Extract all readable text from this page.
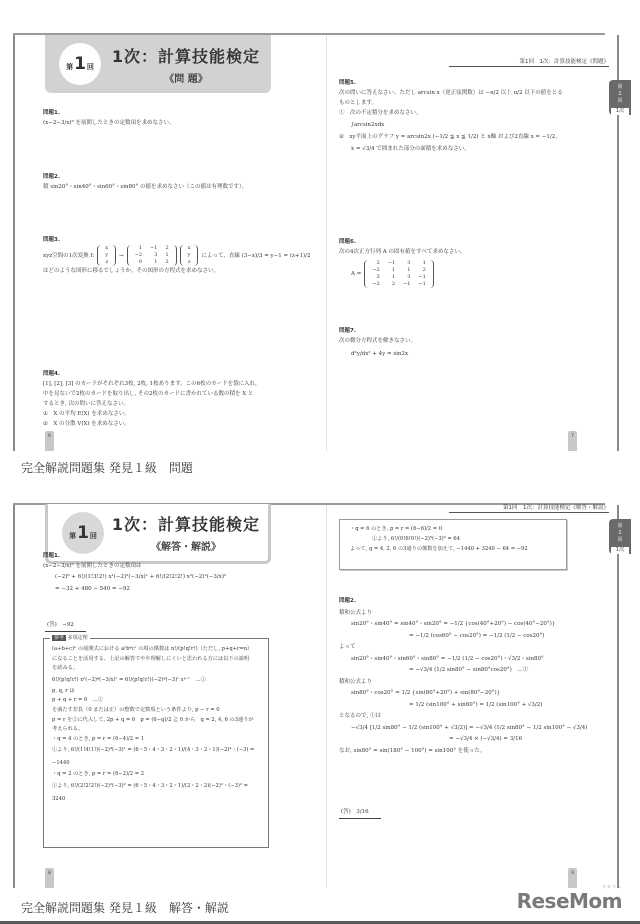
第 1 回
1次：計算技能検定
《問 題》
問題1.
(x−2−3/x)⁶ を展開したときの定数項を求めなさい。
問題2.
積 sin20°・sin40°・sin60°・sin80° の値を求めなさい（この値は有理数です）。
問題3.
xyz空間の1次変換 f:
x
y
z
→
1	−1	2
−2	3	1
0	1	2
x
y
z
によって、直線 (3−x)/3 = y−1 = (z+1)/2
はどのような図形に移るでしょうか。その図形の方程式を求めなさい。
問題4.
[1], [2], [3] のカードがそれぞれ3枚, 2枚, 1枚あります。この6枚のカードを袋に入れ,
中を見ないで2枚のカードを取り出し, その2枚のカードに書かれている数の積を X と
するとき, 次の問いに答えなさい。
①　X の平均 E(X) を求めなさい。
②　X の分散 V(X) を求めなさい。
6
第1回　1次：計算技能検定《問題》
第
1
回
1次
問題5.
次の問いに答えなさい。ただし arcsin x（逆正弦関数）は −π/2 以上 π/2 以下の値をとる
ものとします。
①　次の不定積分を求めなさい。
∫arcsin2xdx
②　xy平面上のグラフ y = arcsin2x (−1/2 ≦ x ≦ 1/2) と x軸 および2直線 x = −1/2,
x = √3/4 で囲まれた部分の面積を求めなさい。
問題6.
次の4次正方行列 A の固有値をすべて求めなさい。
A =
2	−1	3	1
−2	1	1	2
3	1	3	−1
−2	2	−1	−1
問題7.
次の微分方程式を解きなさい。
d²y/dx² + 4y = sin2x
7
完全解説問題集 発見１級　問題
第 1 回
1次：計算技能検定
《解答・解説》
問題1.
(x−2−3/x)⁶ を展開したときの定数項は
(−2)⁶ + 6!/(1!3!2!) x¹(−2)³(−3/x)¹ + 6!/(2!2!2!) x²(−2)²(−3/x)²
= −32 + 480 − 540 = −92
(答)　−92
参考 多項定理
(a+b+c)ⁿ の展開式における aᵖbᵠcʳ の項の係数は n!/(p!q!r!)（ただし, p+q+r=n）
になることを活用する。上記の解答でやや理解しにくいと思われる方には以下の説明
を読みる。
6!/(p!q!r!) xᵖ(−2)ᵠ(−3/x)ʳ = 6!/(p!q!r!)(−2)ᵠ(−3)ʳ xᵖ⁻ʳ　…①
p, q, r は
p + q + r = 6　…②
を満たす非負（0 または正）の整数で定数項という条件より, p − r = 0
p = r を②に代入して, 2p + q = 6　p = (6−q)/2 ≧ 0 から　q = 2, 4, 6 の3通りが
考えられる。
・q = 4 のとき, p = r = (6−4)/2 = 1
①より, 6!/(1!4!1!)(−2)⁴(−3)¹ = (6・5・4・3・2・1)/(4・3・2・1)(−2)⁴・(−3) = −1440
・q = 2 のとき, p = r = (6−2)/2 = 2
①より, 6!/(2!2!2!)(−2)²(−3)² = (6・5・4・3・2・1)/(2・2・2)(−2)²・(−3)² = 3240
8
第1回　1次：計算技能検定《解答・解説》
第
1
回
1次
・q = 6 のとき, p = r = (6−6)/2 = 0
①より, 6!/(0!6!0!)(−2)⁶(−3)⁰ = 64
よって, q = 4, 2, 6 の3通りの係数を加えて, −1440 + 3240 − 64 = −92
問題2.
積和公式より
sin20°・sin40° = sin40°・sin20° = −1/2 {cos(40°+20°) − cos(40°−20°)}
= −1/2 (cos60° − cos20°) = −1/2 (1/2 − cos20°)
よって
sin20°・sin40°・sin60°・sin80° = −1/2 (1/2 − cos20°)・√3/2・sin80°
= −√3/4 (1/2 sin80° − sin80°cos20°)　…①
積和公式より
sin80°・cos20° = 1/2 {sin(80°+20°) + sin(80°−20°)}
= 1/2 (sin100° + sin60°) = 1/2 (sin100° + √3/2)
となるので, ①は
−√3/4 [1/2 sin80° − 1/2 (sin100° + √3/2)] = −√3/4 (1/2 sin80° − 1/2 sin100° − √3/4)
= −√3/4 × (−√3/4) = 3/16
なお, sin80° = sin(180° − 100°) = sin100° を使った。
(答)　3/16
9
完全解説問題集 発見１級　解答・解説
リセマム
ReseMom
